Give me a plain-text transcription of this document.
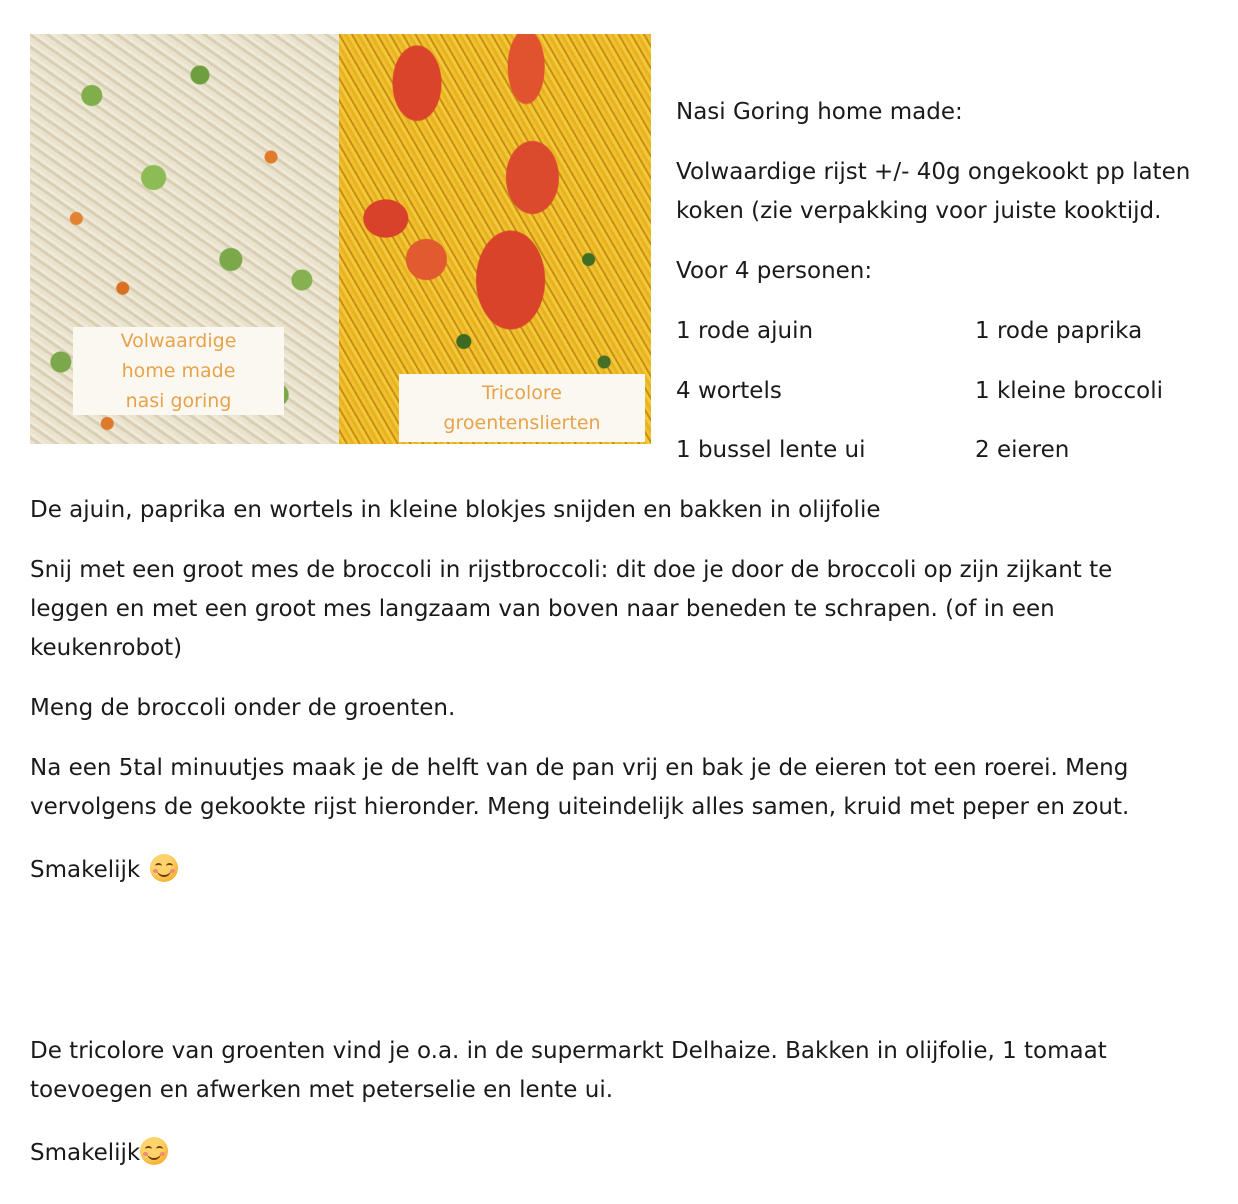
Volwaardige
home made
nasi goring	Tricolore
groentenslierten
Nasi Goring home made:
Volwaardige rijst +/- 40g ongekookt pp laten
koken (zie verpakking voor juiste kooktijd.
Voor 4 personen:
1 rode ajuin	1 rode paprika
4 wortels	1 kleine broccoli
1 bussel lente ui	2 eieren
De ajuin, paprika en wortels in kleine blokjes snijden en bakken in olijfolie
Snij met een groot mes de broccoli in rijstbroccoli: dit doe je door de broccoli op zijn zijkant te
leggen en met een groot mes langzaam van boven naar beneden te schrapen. (of in een
keukenrobot)
Meng de broccoli onder de groenten.
Na een 5tal minuutjes maak je de helft van de pan vrij en bak je de eieren tot een roerei. Meng
vervolgens de gekookte rijst hieronder. Meng uiteindelijk alles samen, kruid met peper en zout.
Smakelijk
De tricolore van groenten vind je o.a. in de supermarkt Delhaize. Bakken in olijfolie, 1 tomaat
toevoegen en afwerken met peterselie en lente ui.
Smakelijk
